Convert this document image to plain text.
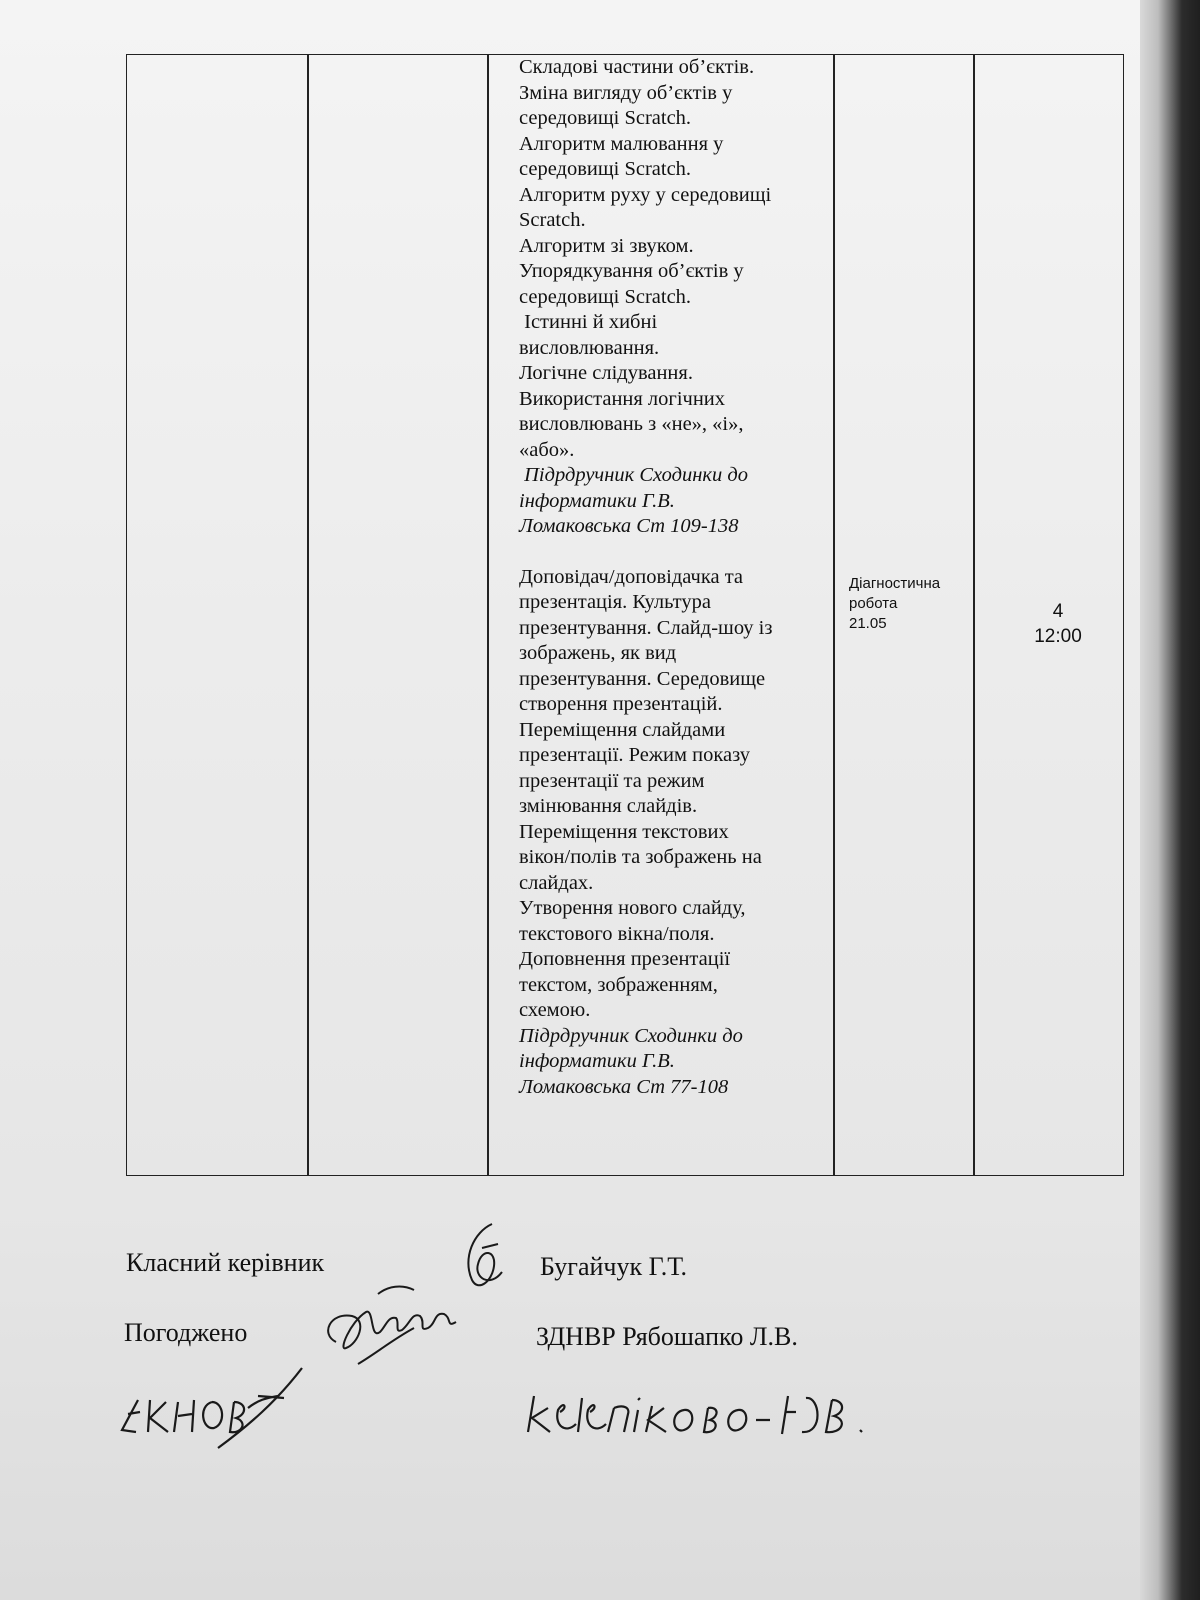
Складові частини об’єктів.

Зміна вигляду об’єктів у

середовищі Scratch.

Алгоритм малювання у

середовищі Scratch.

Алгоритм руху у середовищі

Scratch.

Алгоритм зі звуком.

Упорядкування об’єктів у

середовищі Scratch.

Істинні й хибні

висловлювання.

Логічне слідування.

Використання логічних

висловлювань з «не», «і»,

«або».

Підрдручник Сходинки до

інформатики Г.В.

Ломаковська Ст 109-138

Доповідач/доповідачка та

презентація. Культура

презентування. Слайд-шоу із

зображень, як вид

презентування. Середовище

створення презентацій.

Переміщення слайдами

презентації. Режим показу

презентації та режим

змінювання слайдів.

Переміщення текстових

вікон/полів та зображень на

слайдах.

Утворення нового слайду,

текстового вікна/поля.

Доповнення презентації

текстом, зображенням,

схемою.

Підрдручник Сходинки до

інформатики Г.В.

Ломаковська Ст 77-108

Діагностична
робота
21.05
4
12:00
Класний керівник	Бугайчук Г.Т.
Погоджено	ЗДНВР Рябошапко Л.В.
